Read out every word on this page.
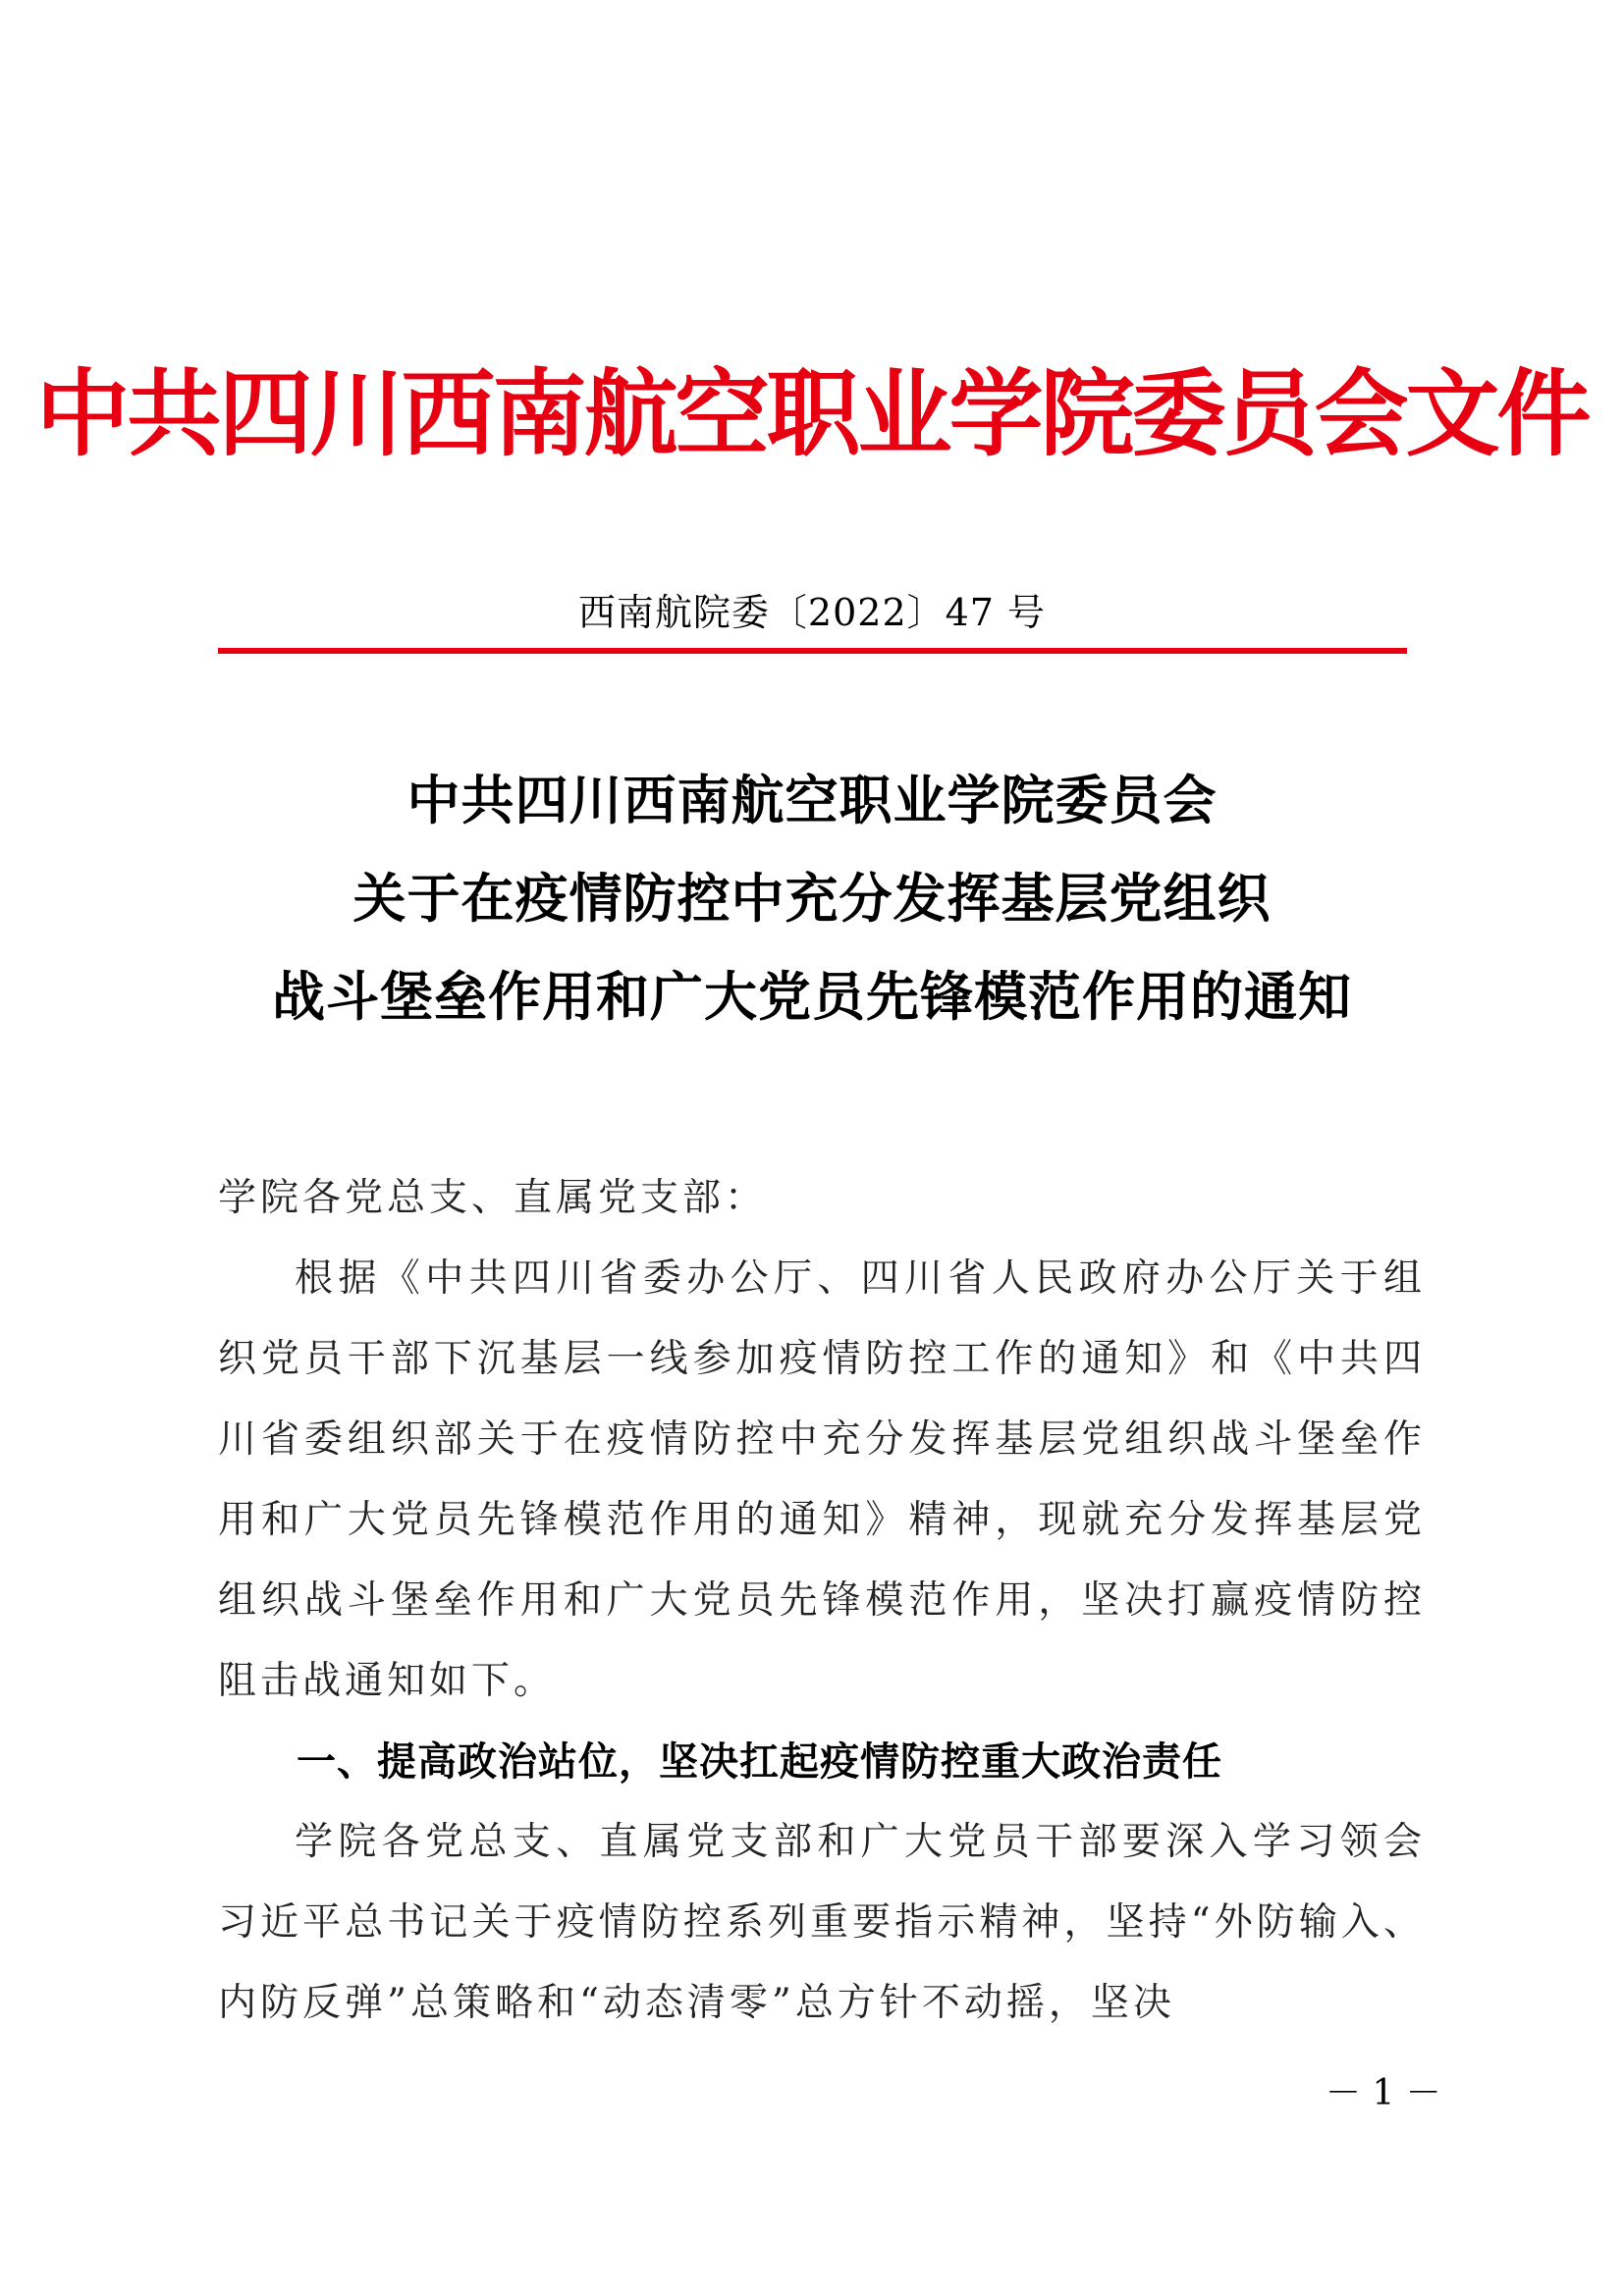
中共四川西南航空职业学院委员会文件
西南航院委〔2022〕47 号
中共四川西南航空职业学院委员会
关于在疫情防控中充分发挥基层党组织
战斗堡垒作用和广大党员先锋模范作用的通知

学院各党总支、直属党支部：

根据《中共四川省委办公厅、四川省人民政府办公厅关于组织党员干部下沉基层一线参加疫情防控工作的通知》和《中共四川省委组织部关于在疫情防控中充分发挥基层党组织战斗堡垒作用和广大党员先锋模范作用的通知》精神，现就充分发挥基层党组织战斗堡垒作用和广大党员先锋模范作用，坚决打赢疫情防控阻击战通知如下。

一、提高政治站位，坚决扛起疫情防控重大政治责任

学院各党总支、直属党支部和广大党员干部要深入学习领会习近平总书记关于疫情防控系列重要指示精神，坚持“外防输入、内防反弹”总策略和“动态清零”总方针不动摇，坚决

－ 1 －
